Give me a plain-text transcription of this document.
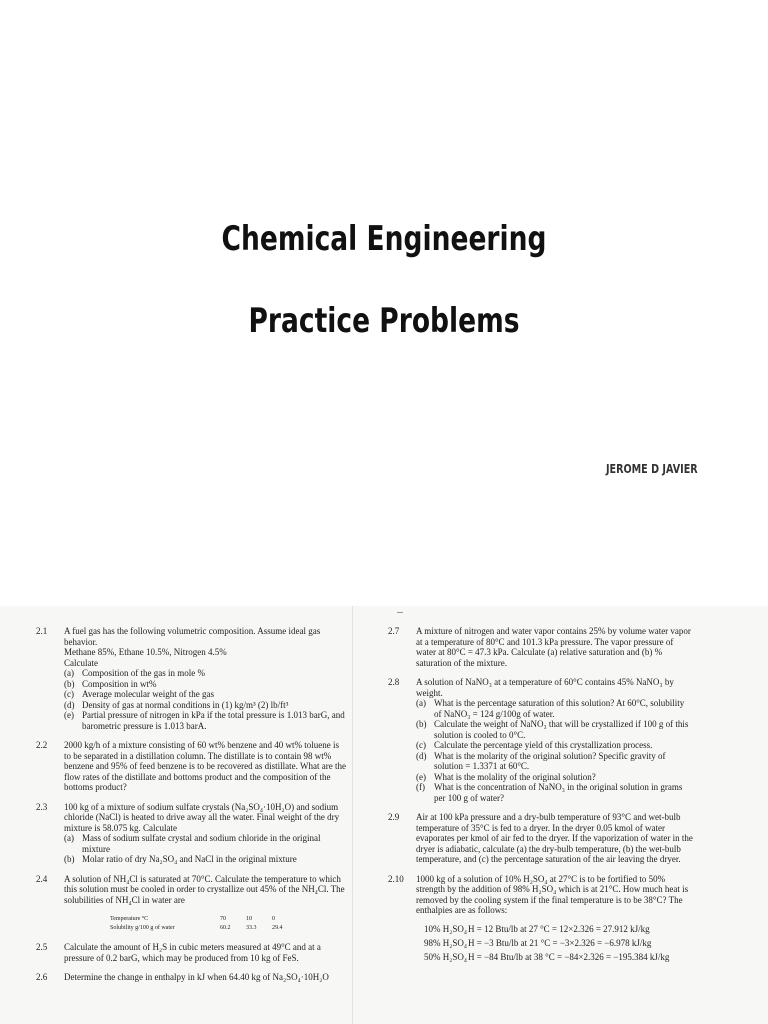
Chemical Engineering
Practice Problems
JEROME D JAVIER
2.1 A fuel gas has the following volumetric composition. Assume ideal gas behavior.

Methane 85%, Ethane 10.5%, Nitrogen 4.5%

Calculate

(a) Composition of the gas in mole %
(b) Composition in wt%
(c) Average molecular weight of the gas
(d) Density of gas at normal conditions in (1) kg/m³ (2) lb/ft³
(e) Partial pressure of nitrogen in kPa if the total pressure is 1.013 barG, and barometric pressure is 1.013 barA.
2.2 2000 kg/h of a mixture consisting of 60 wt% benzene and 40 wt% toluene is to be separated in a distillation column. The distillate is to contain 98 wt% benzene and 95% of feed benzene is to be recovered as distillate. What are the flow rates of the distillate and bottoms product and the composition of the bottoms product?

2.3 100 kg of a mixture of sodium sulfate crystals (Na₂SO₄·10H₂O) and sodium chloride (NaCl) is heated to drive away all the water. Final weight of the dry mixture is 58.075 kg. Calculate

(a) Mass of sodium sulfate crystal and sodium chloride in the original mixture
(b) Molar ratio of dry Na₂SO₄ and NaCl in the original mixture
2.4 A solution of NH₄Cl is saturated at 70°C. Calculate the temperature to which this solution must be cooled in order to crystallize out 45% of the NH₄Cl. The solubilities of NH₄Cl in water are

Temperature °C	70	10	0
Solubility g/100 g of water	60.2	33.3	29.4
2.5 Calculate the amount of H₂S in cubic meters measured at 49°C and at a pressure of 0.2 barG, which may be produced from 10 kg of FeS.

2.6 Determine the change in enthalpy in kJ when 64.40 kg of Na₂SO₄·10H₂O

2.7 A mixture of nitrogen and water vapor contains 25% by volume water vapor at a temperature of 80°C and 101.3 kPa pressure. The vapor pressure of water at 80°C = 47.3 kPa. Calculate (a) relative saturation and (b) % saturation of the mixture.

2.8 A solution of NaNO₃ at a temperature of 60°C contains 45% NaNO₃ by weight.

(a) What is the percentage saturation of this solution? At 60°C, solubility of NaNO₃ = 124 g/100g of water.
(b) Calculate the weight of NaNO₃ that will be crystallized if 100 g of this solution is cooled to 0°C.
(c) Calculate the percentage yield of this crystallization process.
(d) What is the molarity of the original solution? Specific gravity of solution = 1.3371 at 60°C.
(e) What is the molality of the original solution?
(f) What is the concentration of NaNO₃ in the original solution in grams per 100 g of water?
2.9 Air at 100 kPa pressure and a dry-bulb temperature of 93°C and wet-bulb temperature of 35°C is fed to a dryer. In the dryer 0.05 kmol of water evaporates per kmol of air fed to the dryer. If the vaporization of water in the dryer is adiabatic, calculate (a) the dry-bulb temperature, (b) the wet-bulb temperature, and (c) the percentage saturation of the air leaving the dryer.

2.10 1000 kg of a solution of 10% H₂SO₄ at 27°C is to be fortified to 50% strength by the addition of 98% H₂SO₄ which is at 21°C. How much heat is removed by the cooling system if the final temperature is to be 38°C? The enthalpies are as follows:

10% H₂SO₄ H = 12 Btu/lb at 27 °C = 12×2.326 = 27.912 kJ/kg
98% H₂SO₄ H = −3 Btu/lb at 21 °C = −3×2.326 = −6.978 kJ/kg
50% H₂SO₄ H = −84 Btu/lb at 38 °C = −84×2.326 = −195.384 kJ/kg
